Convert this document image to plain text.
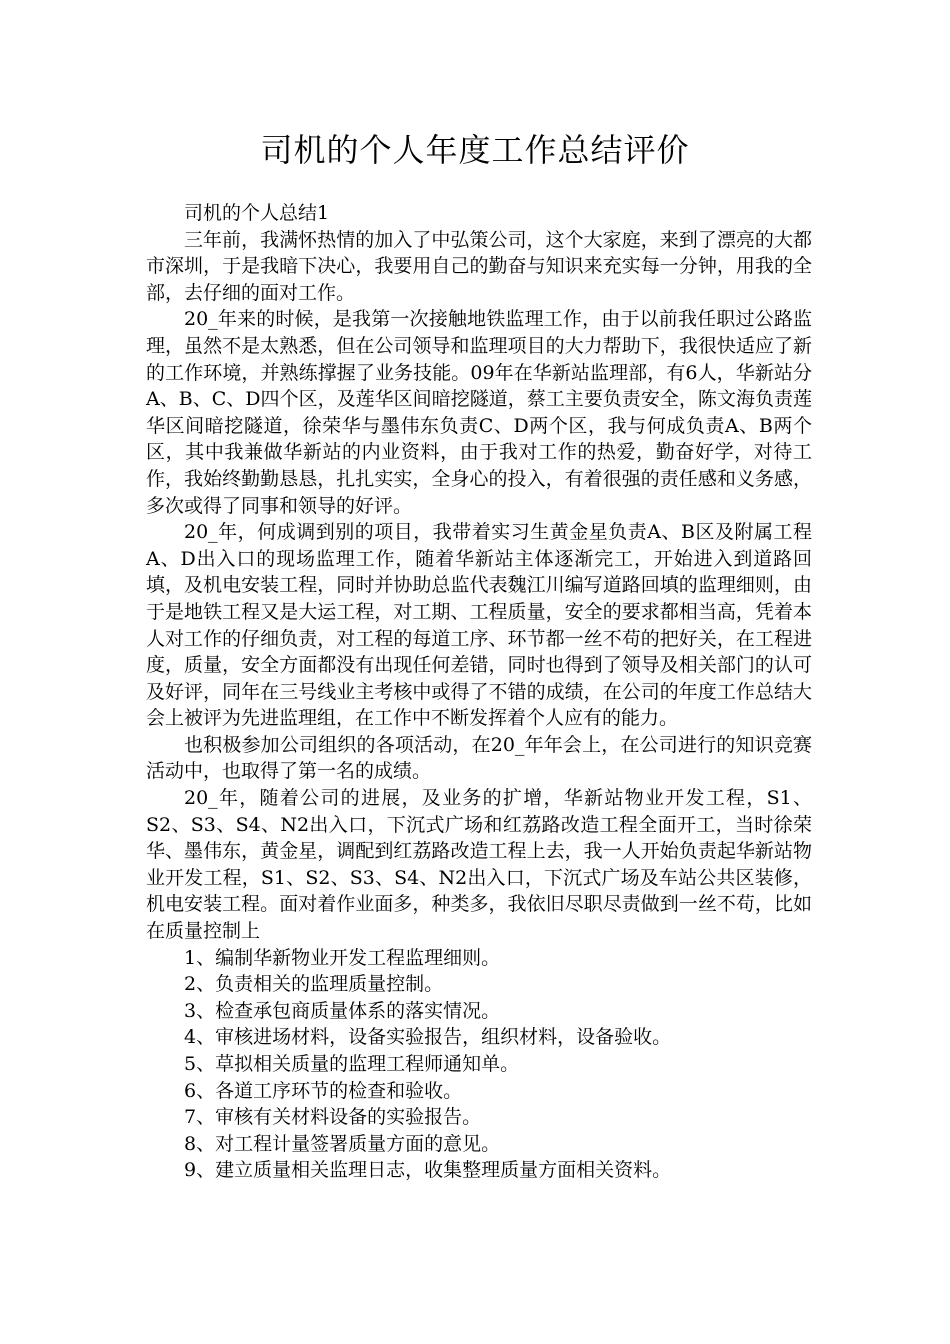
司机的个人年度工作总结评价

司机的个人总结1

三年前，我满怀热情的加入了中弘策公司，这个大家庭，来到了漂亮的大都市深圳，于是我暗下决心，我要用自己的勤奋与知识来充实每一分钟，用我的全部，去仔细的面对工作。

20_年来的时候，是我第一次接触地铁监理工作，由于以前我任职过公路监理，虽然不是太熟悉，但在公司领导和监理项目的大力帮助下，我很快适应了新的工作环境，并熟练撑握了业务技能。09年在华新站监理部，有6人，华新站分A、B、C、D四个区，及莲华区间暗挖隧道，蔡工主要负责安全，陈文海负责莲华区间暗挖隧道，徐荣华与墨伟东负责C、D两个区，我与何成负责A、B两个区，其中我兼做华新站的内业资料，由于我对工作的热爱，勤奋好学，对待工作，我始终勤勤恳恳，扎扎实实，全身心的投入，有着很强的责任感和义务感，多次或得了同事和领导的好评。

20_年，何成调到别的项目，我带着实习生黄金星负责A、B区及附属工程A、D出入口的现场监理工作，随着华新站主体逐渐完工，开始进入到道路回填，及机电安装工程，同时并协助总监代表魏江川编写道路回填的监理细则，由于是地铁工程又是大运工程，对工期、工程质量，安全的要求都相当高，凭着本人对工作的仔细负责，对工程的每道工序、环节都一丝不苟的把好关，在工程进度，质量，安全方面都没有出现任何差错，同时也得到了领导及相关部门的认可及好评，同年在三号线业主考核中或得了不错的成绩，在公司的年度工作总结大会上被评为先进监理组，在工作中不断发挥着个人应有的能力。

也积极参加公司组织的各项活动，在20_年年会上，在公司进行的知识竞赛活动中，也取得了第一名的成绩。

20_年，随着公司的进展，及业务的扩增，华新站物业开发工程，S1、S2、S3、S4、N2出入口，下沉式广场和红荔路改造工程全面开工，当时徐荣华、墨伟东，黄金星，调配到红荔路改造工程上去，我一人开始负责起华新站物业开发工程，S1、S2、S3、S4、N2出入口，下沉式广场及车站公共区装修，机电安装工程。面对着作业面多，种类多，我依旧尽职尽责做到一丝不苟，比如在质量控制上

1、编制华新物业开发工程监理细则。
2、负责相关的监理质量控制。
3、检查承包商质量体系的落实情况。
4、审核进场材料，设备实验报告，组织材料，设备验收。
5、草拟相关质量的监理工程师通知单。
6、各道工序环节的检查和验收。
7、审核有关材料设备的实验报告。
8、对工程计量签署质量方面的意见。
9、建立质量相关监理日志，收集整理质量方面相关资料。
